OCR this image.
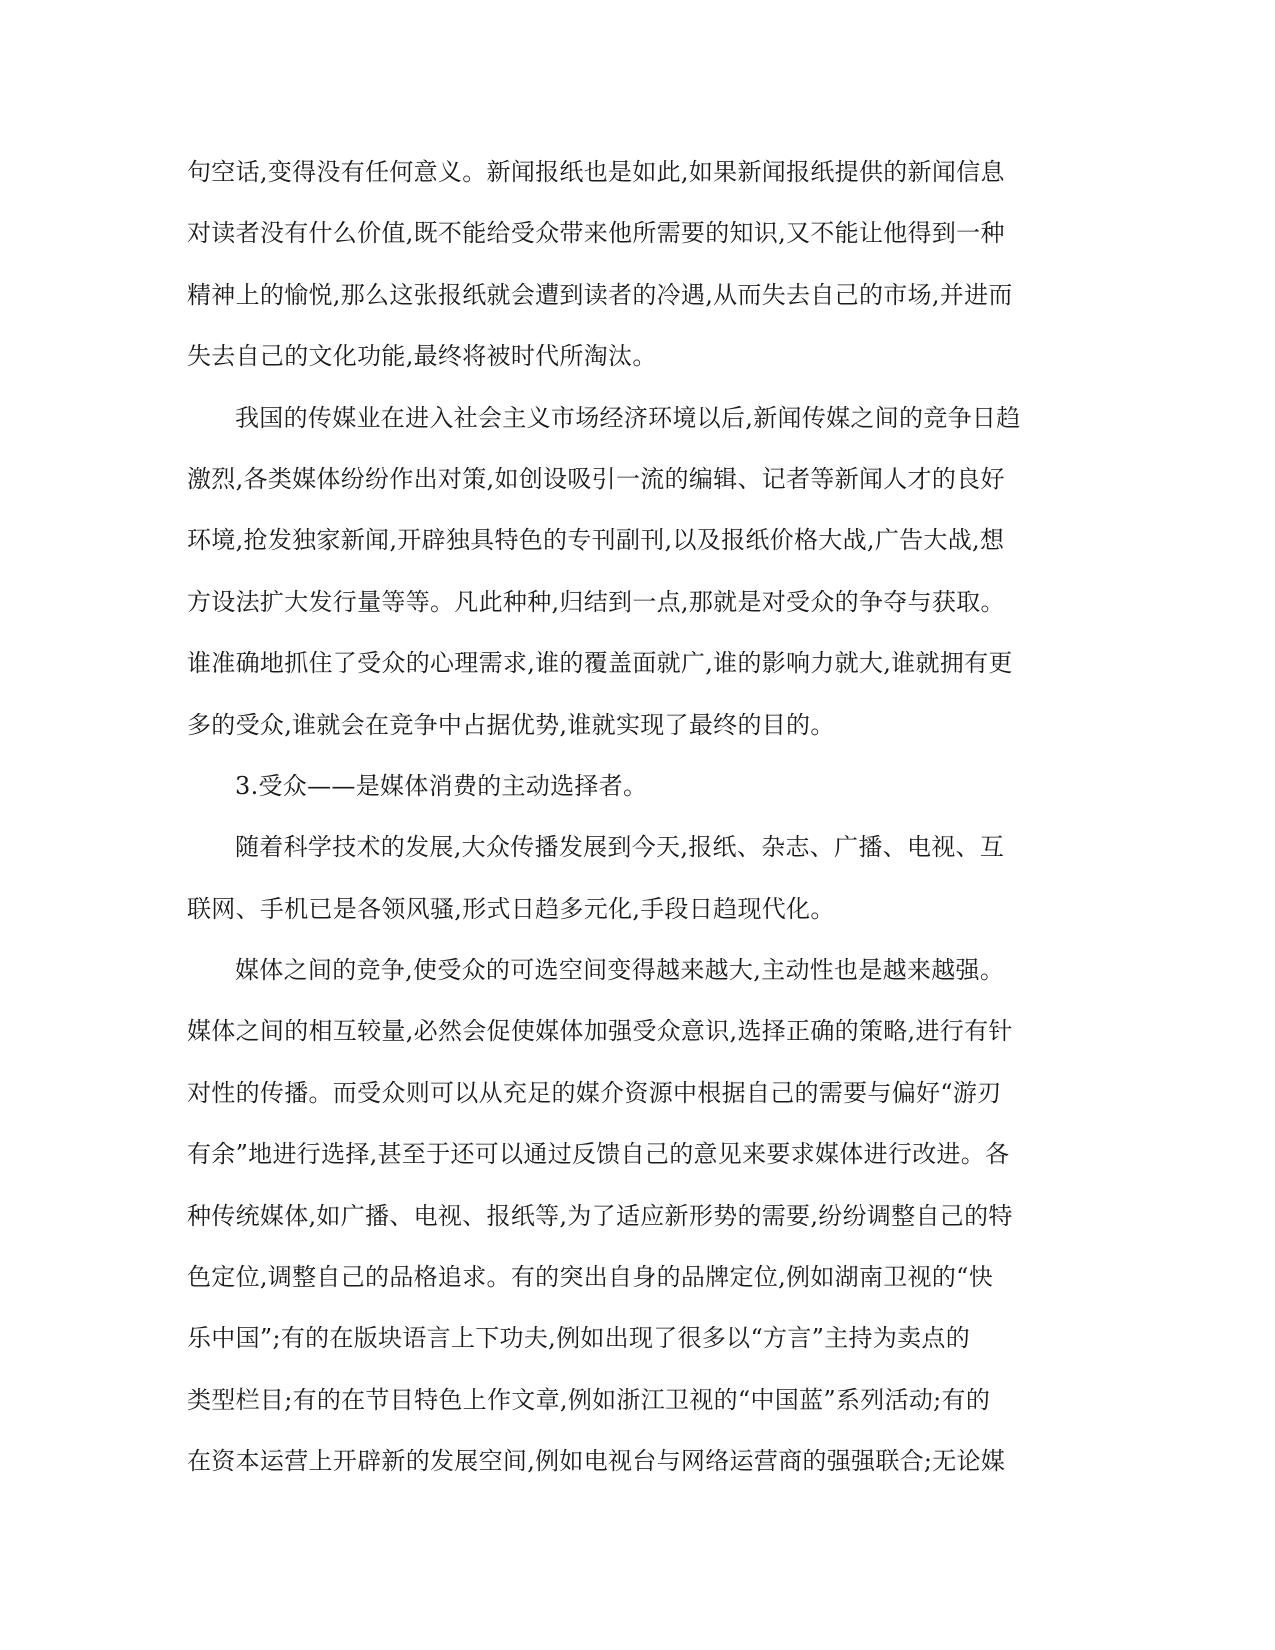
句空话,变得没有任何意义。新闻报纸也是如此,如果新闻报纸提供的新闻信息
对读者没有什么价值,既不能给受众带来他所需要的知识,又不能让他得到一种
精神上的愉悦,那么这张报纸就会遭到读者的冷遇,从而失去自己的市场,并进而
失去自己的文化功能,最终将被时代所淘汰。
我国的传媒业在进入社会主义市场经济环境以后,新闻传媒之间的竞争日趋
激烈,各类媒体纷纷作出对策,如创设吸引一流的编辑、记者等新闻人才的良好
环境,抢发独家新闻,开辟独具特色的专刊副刊,以及报纸价格大战,广告大战,想
方设法扩大发行量等等。凡此种种,归结到一点,那就是对受众的争夺与获取。
谁准确地抓住了受众的心理需求,谁的覆盖面就广,谁的影响力就大,谁就拥有更
多的受众,谁就会在竞争中占据优势,谁就实现了最终的目的。
3.受众——是媒体消费的主动选择者。
随着科学技术的发展,大众传播发展到今天,报纸、杂志、广播、电视、互
联网、手机已是各领风骚,形式日趋多元化,手段日趋现代化。
媒体之间的竞争,使受众的可选空间变得越来越大,主动性也是越来越强。
媒体之间的相互较量,必然会促使媒体加强受众意识,选择正确的策略,进行有针
对性的传播。而受众则可以从充足的媒介资源中根据自己的需要与偏好“游刃
有余”地进行选择,甚至于还可以通过反馈自己的意见来要求媒体进行改进。各
种传统媒体,如广播、电视、报纸等,为了适应新形势的需要,纷纷调整自己的特
色定位,调整自己的品格追求。有的突出自身的品牌定位,例如湖南卫视的“快
乐中国”;有的在版块语言上下功夫,例如出现了很多以“方言”主持为卖点的
类型栏目;有的在节目特色上作文章,例如浙江卫视的“中国蓝”系列活动;有的
在资本运营上开辟新的发展空间,例如电视台与网络运营商的强强联合;无论媒
